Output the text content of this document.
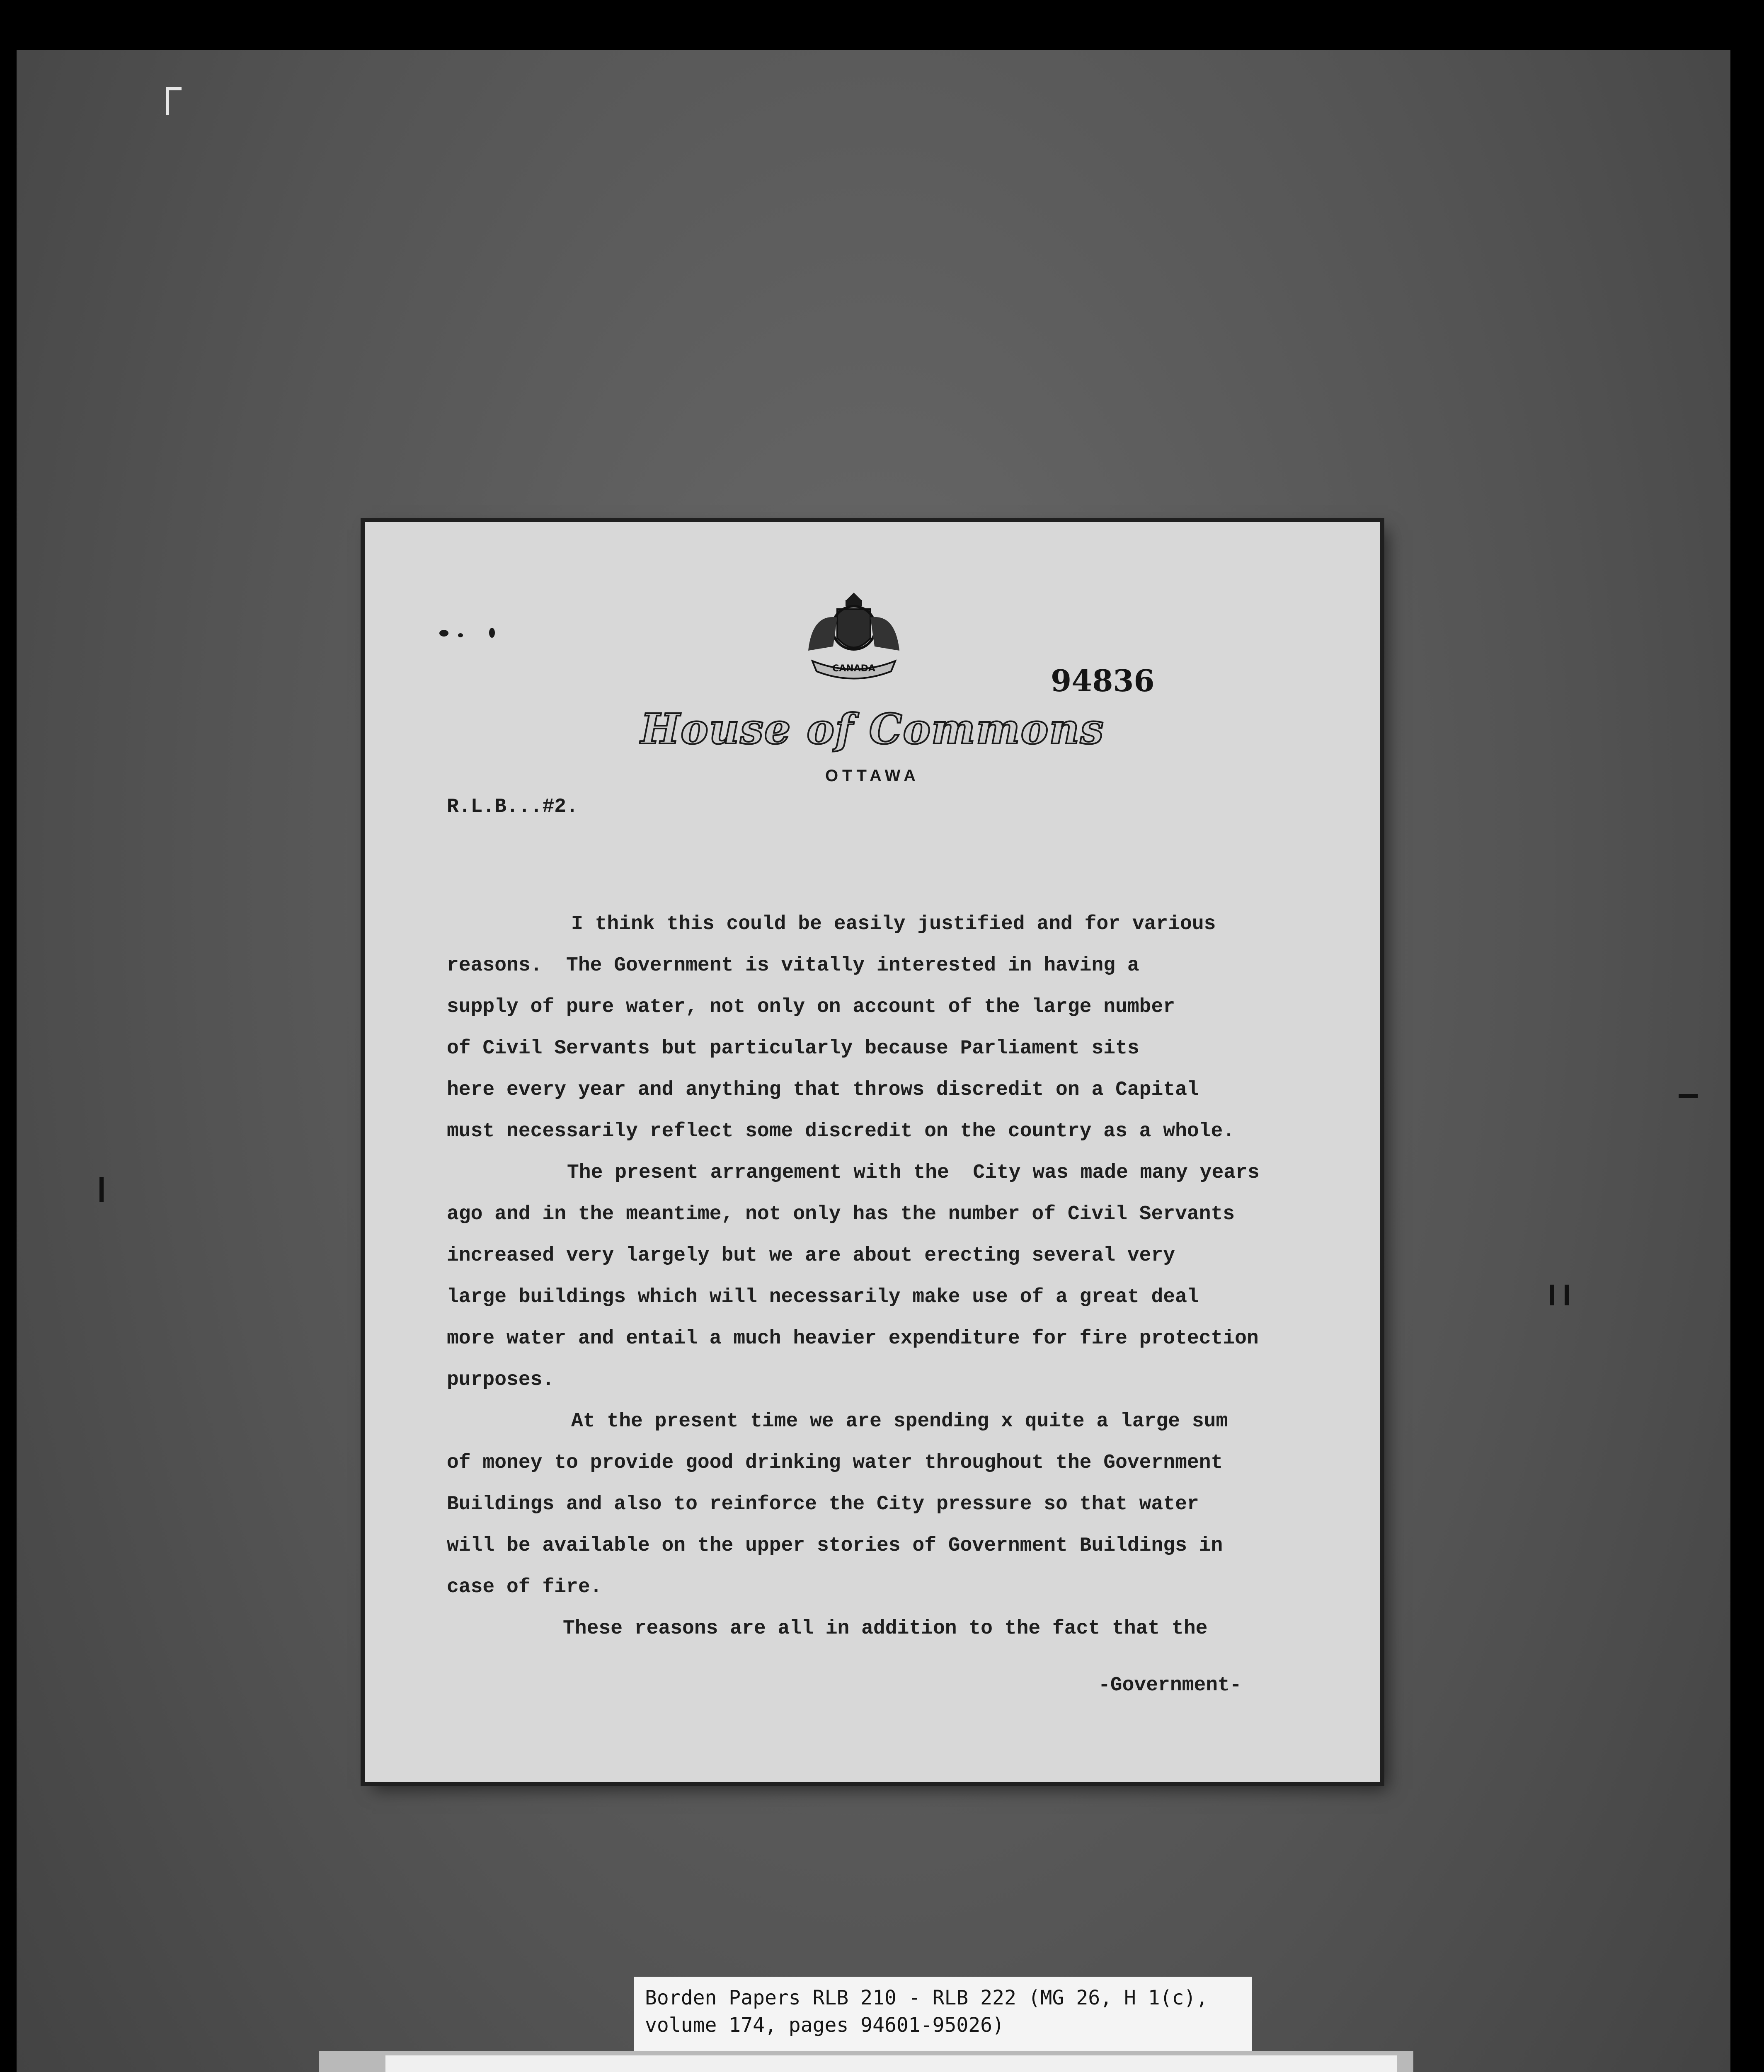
CANADA	94836
House of Commons
OTTAWA
R.L.B...#2.
I think this could be easily justified and for various
reasons.  The Government is vitally interested in having a
supply of pure water, not only on account of the large number
of Civil Servants but particularly because Parliament sits
here every year and anything that throws discredit on a Capital
must necessarily reflect some discredit on the country as a whole.
The present arrangement with the  City was made many years
ago and in the meantime, not only has the number of Civil Servants
increased very largely but we are about erecting several very
large buildings which will necessarily make use of a great deal
more water and entail a much heavier expenditure for fire protection
purposes.
At the present time we are spending x quite a large sum
of money to provide good drinking water throughout the Government
Buildings and also to reinforce the City pressure so that water
will be available on the upper stories of Government Buildings in
case of fire.
These reasons are all in addition to the fact that the
-Government-
Borden Papers RLB 210 - RLB 222 (MG 26, H 1(c),
volume 174, pages 94601-95026)
